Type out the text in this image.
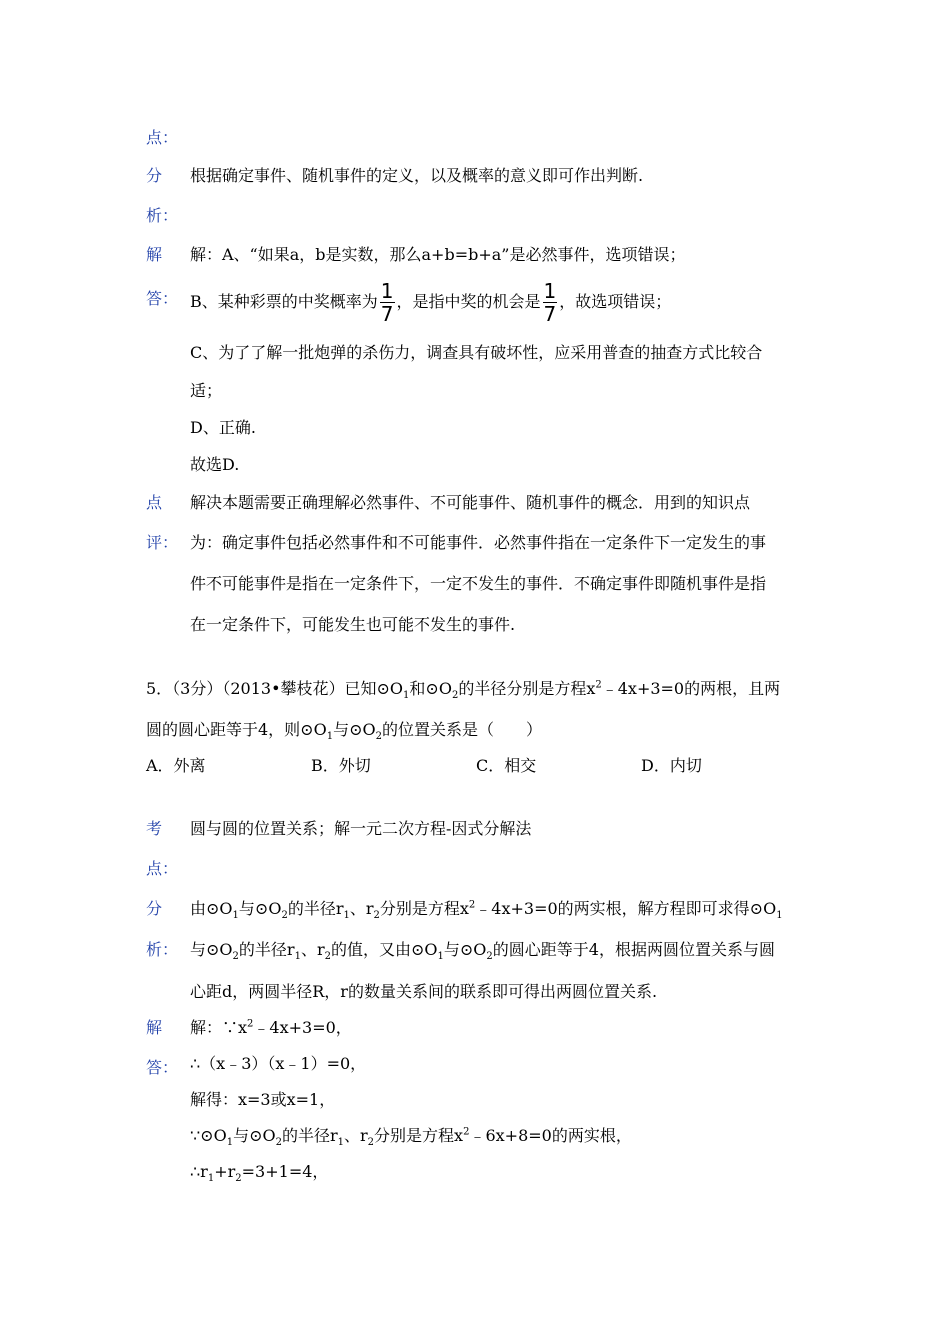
点：
分 根据确定事件、随机事件的定义，以及概率的意义即可作出判断.
析：
解 解：A、“如果a，b是实数，那么a+b=b+a”是必然事件，选项错误；
答： B、某种彩票的中奖概率为 $\frac{1}{7}$ ，是指中奖的机会是 $\frac{1}{7}$ ，故选项错误；
C、为了了解一批炮弹的杀伤力，调查具有破坏性，应采用普查的抽查方式比较合
适；
D、正确.
故选D.
点 解决本题需要正确理解必然事件、不可能事件、随机事件的概念．用到的知识点
评： 为：确定事件包括必然事件和不可能事件．必然事件指在一定条件下一定发生的事
件不可能事件是指在一定条件下，一定不发生的事件．不确定事件即随机事件是指
在一定条件下，可能发生也可能不发生的事件.
5．（3分）（2013•攀枝花）已知$⊙O_1$和$⊙O_2$的半径分别是方程$x^2﹣4x+3=0$的两根，且两
圆的圆心距等于4，则$⊙O_1$与$⊙O_2$的位置关系是（　　）
A．外离	B．外切	C．相交	D．内切
考 圆与圆的位置关系；解一元二次方程-因式分解法
点：
分 由$⊙O_1$与$⊙O_2$的半径$r_1$、$r_2$分别是方程$x^2﹣4x+3=0$的两实根，解方程即可求得$⊙O_1$
析： 与$⊙O_2$的半径$r_1$、$r_2$的值，又由$⊙O_1$与$⊙O_2$的圆心距等于4，根据两圆位置关系与圆
心距d，两圆半径R，r的数量关系间的联系即可得出两圆位置关系.
解 解：$\because x^2﹣4x+3=0$，
答： ∴（x﹣3）（x﹣1）=0，
解得：x=3或x=1，
$\because⊙O_1$与$⊙O_2$的半径$r_1$、$r_2$分别是方程$x^2﹣6x+8=0$的两实根，
$\therefore r_1+r_2=3+1=4$，
